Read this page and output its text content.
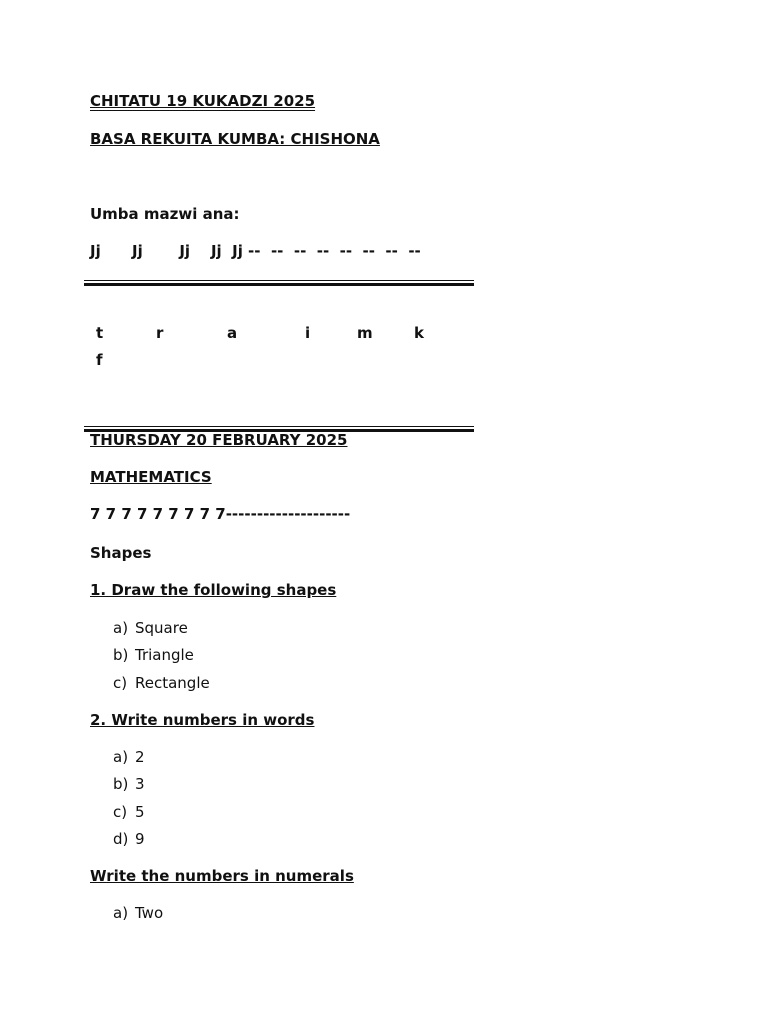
CHITATU 19 KUKADZI 2025
BASA REKUITA KUMBA: CHISHONA
Umba mazwi ana:
Jj      Jj       Jj    Jj  Jj --  --  --  --  --  --  --  --
t	r	a	i	m	k
f
THURSDAY 20 FEBRUARY 2025
MATHEMATICS
7 7 7 7 7 7 7 7 7--------------------
Shapes
1. Draw the following shapes
a) Square
b) Triangle
c) Rectangle
2. Write numbers in words
a) 2
b) 3
c) 5
d) 9
Write the numbers in numerals
a) Two
